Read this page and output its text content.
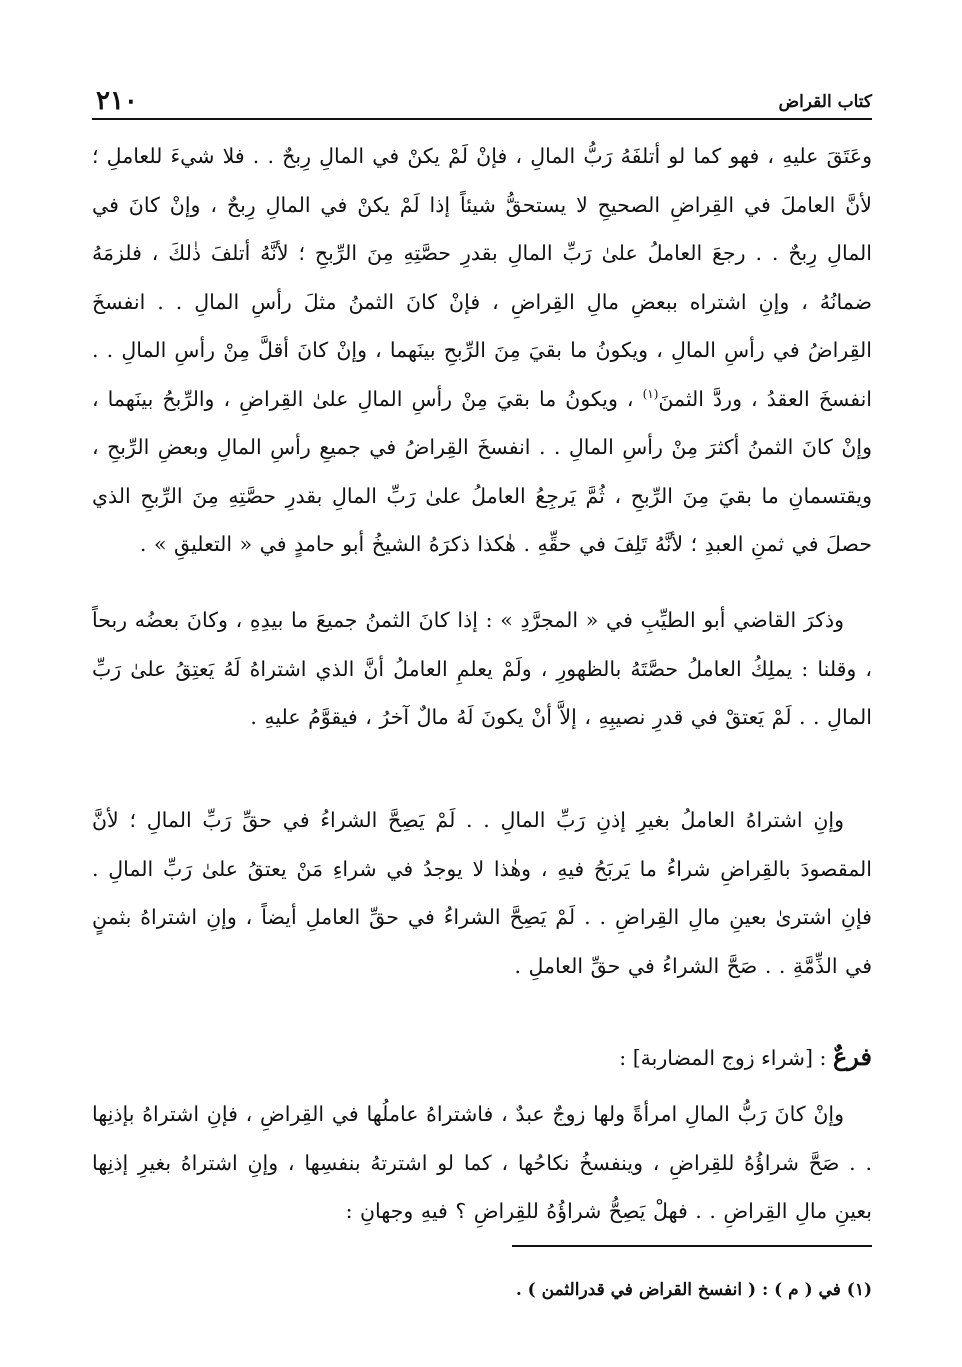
كتاب القراض
٢١٠

وعَتَقَ عليهِ ، فهو كما لو أتلفَهُ رَبُّ المالِ ، فإنْ لَمْ يكنْ في المالِ رِبحٌ . . فلا شيءَ للعاملِ ؛ لأنَّ العاملَ في القِراضِ الصحيحِ لا يستحقُّ شيئاً إذا لَمْ يكنْ في المالِ رِبحٌ ، وإنْ كانَ في المالِ رِبحٌ . . رجعَ العاملُ علىٰ رَبِّ المالِ بقدرِ حصَّتِهِ مِنَ الرِّبحِ ؛ لأنَّهُ أتلفَ ذٰلكَ ، فلزمَهُ ضمانُهُ ، وإنِ اشتراه ببعضِ مالِ القِراضِ ، فإنْ كانَ الثمنُ مثلَ رأسِ المالِ . . انفسخَ القِراضُ في رأسِ المالِ ، ويكونُ ما بقيَ مِنَ الرِّبحِ بينَهما ، وإنْ كانَ أقلَّ مِنْ رأسِ المالِ . . انفسخَ العقدُ ، وردَّ الثمنَ$^{(١)}$ ، ويكونُ ما بقيَ مِنْ رأسِ المالِ علىٰ القِراضِ ، والرِّبحُ بينَهما ، وإنْ كانَ الثمنُ أكثرَ مِنْ رأسِ المالِ . . انفسخَ القِراضُ في جميعِ رأسِ المالِ وبعضِ الرِّبحِ ، ويقتسمانِ ما بقيَ مِنَ الرِّبحِ ، ثُمَّ يَرجِعُ العاملُ علىٰ رَبِّ المالِ بقدرِ حصَّتِهِ مِنَ الرِّبحِ الذي حصلَ في ثمنِ العبدِ ؛ لأنَّهُ تَلِفَ في حقِّهِ . هٰكذا ذكرَهُ الشيخُ أبو حامدٍ في « التعليقِ » .

وذكرَ القاضي أبو الطيِّبِ في « المجرَّدِ » : إذا كانَ الثمنُ جميعَ ما بيدِهِ ، وكانَ بعضُه ربحاً ، وقلنا : يملِكُ العاملُ حصَّتَهُ بالظهورِ ، ولَمْ يعلمِ العاملُ أنَّ الذي اشتراهُ لَهُ يَعتِقُ علىٰ رَبِّ المالِ . . لَمْ يَعتقْ في قدرِ نصيبِهِ ، إلاَّ أنْ يكونَ لَهُ مالٌ آخرُ ، فيقوَّمُ عليهِ .

وإنِ اشتراهُ العاملُ بغيرِ إذنِ رَبِّ المالِ . . لَمْ يَصِحَّ الشراءُ في حقِّ رَبِّ المالِ ؛ لأنَّ المقصودَ بالقِراضِ شراءُ ما يَربَحُ فيهِ ، وهٰذا لا يوجدُ في شراءِ مَنْ يعتقُ علىٰ رَبِّ المالِ . فإنِ اشترىٰ بعينِ مالِ القِراضِ . . لَمْ يَصِحَّ الشراءُ في حقِّ العاملِ أيضاً ، وإنِ اشتراهُ بثمنٍ في الذِّمَّةِ . . صَحَّ الشراءُ في حقِّ العاملِ .

فرعٌ : [شراء زوج المضاربة] :

وإنْ كانَ رَبُّ المالِ امرأةً ولها زوجٌ عبدٌ ، فاشتراهُ عاملُها في القِراضِ ، فإنِ اشتراهُ بإذنِها . . صَحَّ شراؤُهُ للقِراضِ ، وينفسخُ نكاحُها ، كما لو اشترتهُ بنفسِها ، وإنِ اشتراهُ بغيرِ إذنِها بعينِ مالِ القِراضِ . . فهلْ يَصِحُّ شراؤُهُ للقِراضِ ؟ فيهِ وجهانِ :

(١) في ( م ) : ( انفسخ القراض في قدرالثمن ) .
